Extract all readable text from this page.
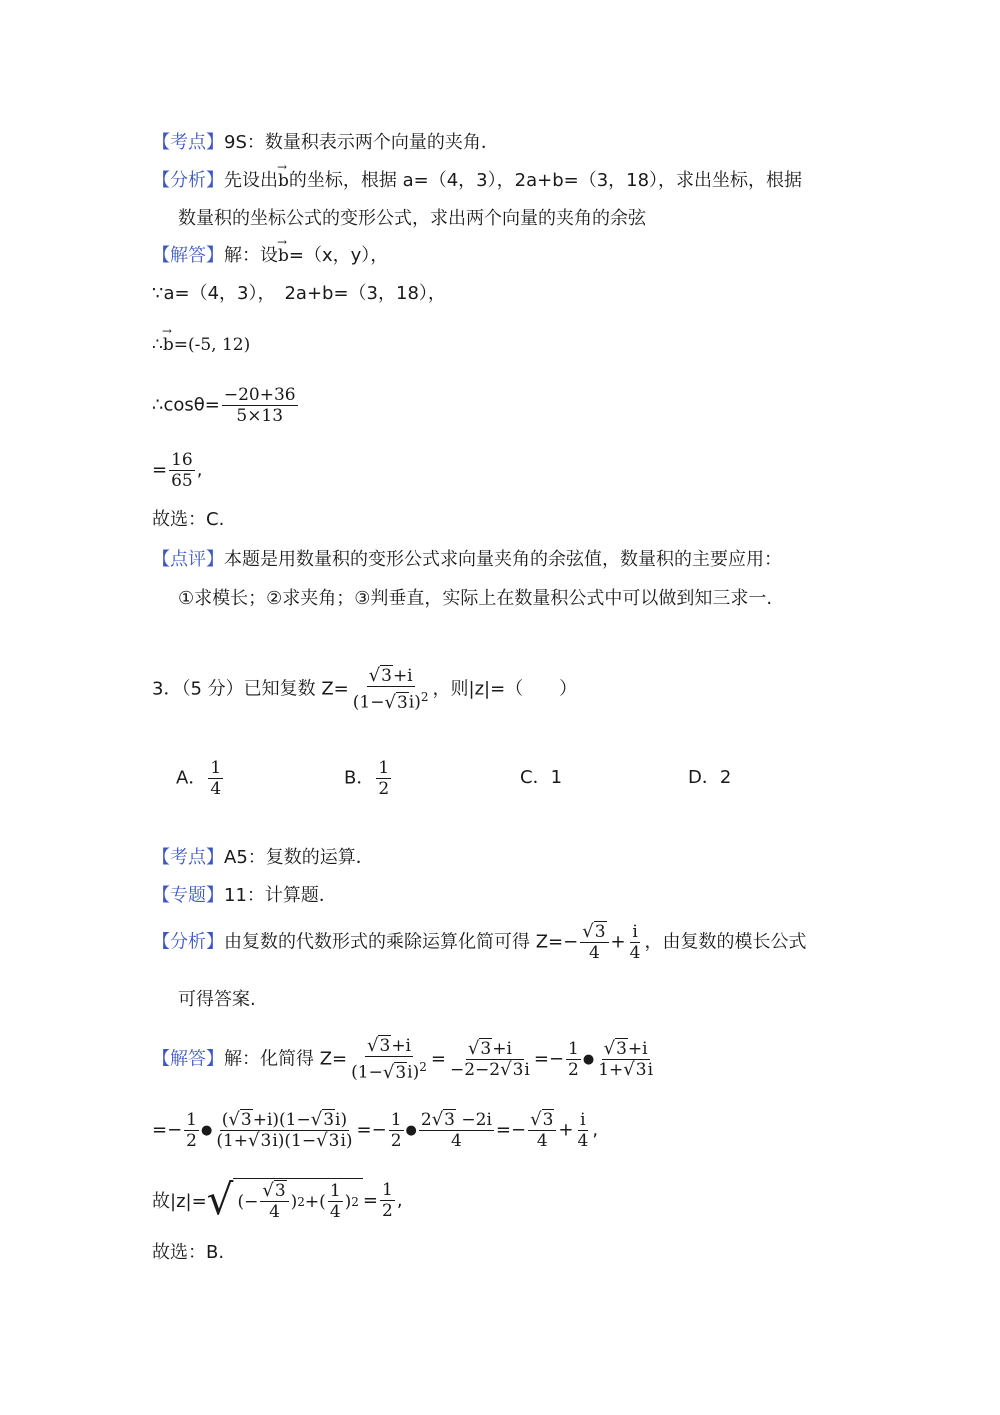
【考点】9S：数量积表示两个向量的夹角．
【分析】先设出→ b的坐标，根据 a=（4，3），2a+b=（3，18），求出坐标，根据
数量积的坐标公式的变形公式，求出两个向量的夹角的余弦
【解答】解：设→ b=（x，y），
∵a=（4，3），　2a+b=（3，18），
∴→ b=(-5, 12)
∴cosθ= $\frac{-20+36}{5\times 13}$
= $\frac{16}{65}$ ,
故选：C.
【点评】本题是用数量积的变形公式求向量夹角的余弦值，数量积的主要应用：
①求模长；②求夹角；③判垂直，实际上在数量积公式中可以做到知三求一.
3．（5 分）已知复数 $Z= \frac{√3+i}{(1-√3i)^2}$ ，则|z|=（　　）
A． $\frac{1}{4}$	B． $\frac{1}{2}$	C．1	D．2
【考点】A5：复数的运算．
【专题】11：计算题．
【分析】由复数的代数形式的乘除运算化简可得 $Z=- \frac{√3}{4} + \frac{i}{4}$ ，由复数的模长公式
可得答案.
【解答】解：化简得 $Z= \frac{√3+i}{(1-√3i)^2} = \frac{√3+i}{-2-2√3i} =- \frac{1}{2}$ ● $\frac{√3+i}{1+√3i}$
=− $\frac{1}{2}$ ● $\frac{(√3+i)(1-√3i)}{(1+√3i)(1-√3i)} =- \frac{1}{2}$ ● $\frac{2√3 -2i}{4} =- \frac{√3}{4} + \frac{i}{4}$ ,
故|z|= √ (− $\frac{√3}{4}$ ) 2 +( $\frac{1}{4}$ ) $2 = \frac{1}{2}$ ,
故选：B.
